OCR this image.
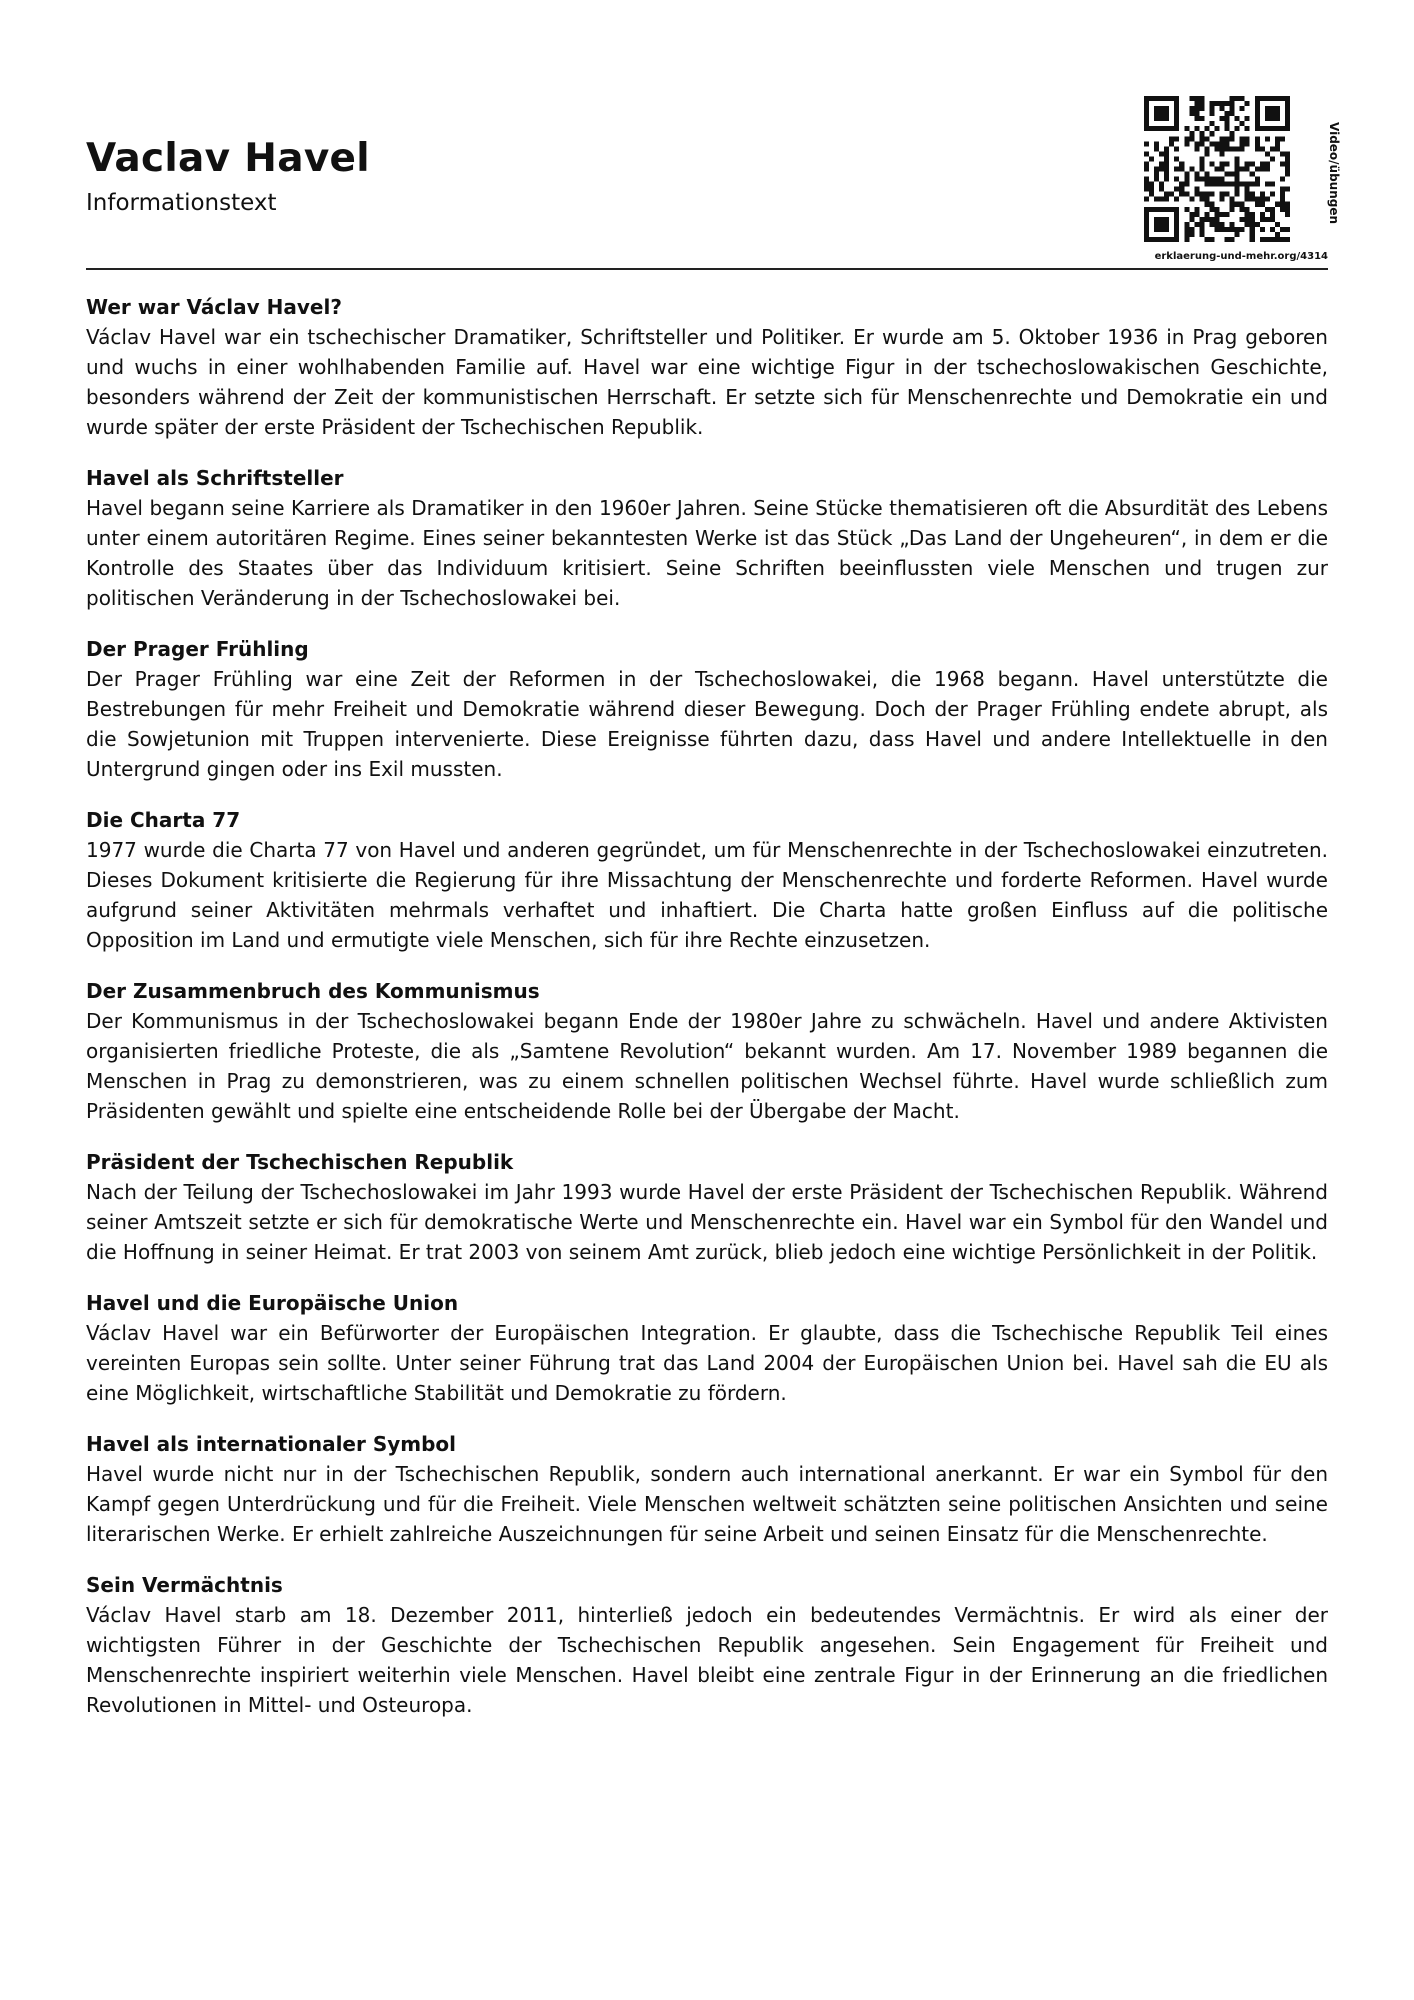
Vaclav Havel
Informationstext	Video/übungen
erklaerung-und-mehr.org/4314
Wer war Václav Havel?

Václav Havel war ein tschechischer Dramatiker, Schriftsteller und Politiker. Er wurde am 5. Oktober 1936 in Prag geboren und wuchs in einer wohlhabenden Familie auf. Havel war eine wichtige Figur in der tschechoslowakischen Geschichte, besonders während der Zeit der kommunistischen Herrschaft. Er setzte sich für Menschenrechte und Demokratie ein und wurde später der erste Präsident der Tschechischen Republik.

Havel als Schriftsteller

Havel begann seine Karriere als Dramatiker in den 1960er Jahren. Seine Stücke thematisieren oft die Absurdität des Lebens unter einem autoritären Regime. Eines seiner bekanntesten Werke ist das Stück „Das Land der Ungeheuren“, in dem er die Kontrolle des Staates über das Individuum kritisiert. Seine Schriften beeinflussten viele Menschen und trugen zur politischen Veränderung in der Tschechoslowakei bei.

Der Prager Frühling

Der Prager Frühling war eine Zeit der Reformen in der Tschechoslowakei, die 1968 begann. Havel unterstützte die Bestrebungen für mehr Freiheit und Demokratie während dieser Bewegung. Doch der Prager Frühling endete abrupt, als die Sowjetunion mit Truppen intervenierte. Diese Ereignisse führten dazu, dass Havel und andere Intellektuelle in den Untergrund gingen oder ins Exil mussten.

Die Charta 77

1977 wurde die Charta 77 von Havel und anderen gegründet, um für Menschenrechte in der Tschechoslowakei einzutreten. Dieses Dokument kritisierte die Regierung für ihre Missachtung der Menschenrechte und forderte Reformen. Havel wurde aufgrund seiner Aktivitäten mehrmals verhaftet und inhaftiert. Die Charta hatte großen Einfluss auf die politische Opposition im Land und ermutigte viele Menschen, sich für ihre Rechte einzusetzen.

Der Zusammenbruch des Kommunismus

Der Kommunismus in der Tschechoslowakei begann Ende der 1980er Jahre zu schwächeln. Havel und andere Aktivisten organisierten friedliche Proteste, die als „Samtene Revolution“ bekannt wurden. Am 17. November 1989 begannen die Menschen in Prag zu demonstrieren, was zu einem schnellen politischen Wechsel führte. Havel wurde schließlich zum Präsidenten gewählt und spielte eine entscheidende Rolle bei der Übergabe der Macht.

Präsident der Tschechischen Republik

Nach der Teilung der Tschechoslowakei im Jahr 1993 wurde Havel der erste Präsident der Tschechischen Republik. Während seiner Amtszeit setzte er sich für demokratische Werte und Menschenrechte ein. Havel war ein Symbol für den Wandel und die Hoffnung in seiner Heimat. Er trat 2003 von seinem Amt zurück, blieb jedoch eine wichtige Persönlichkeit in der Politik.

Havel und die Europäische Union

Václav Havel war ein Befürworter der Europäischen Integration. Er glaubte, dass die Tschechische Republik Teil eines vereinten Europas sein sollte. Unter seiner Führung trat das Land 2004 der Europäischen Union bei. Havel sah die EU als eine Möglichkeit, wirtschaftliche Stabilität und Demokratie zu fördern.

Havel als internationaler Symbol

Havel wurde nicht nur in der Tschechischen Republik, sondern auch international anerkannt. Er war ein Symbol für den Kampf gegen Unterdrückung und für die Freiheit. Viele Menschen weltweit schätzten seine politischen Ansichten und seine literarischen Werke. Er erhielt zahlreiche Auszeichnungen für seine Arbeit und seinen Einsatz für die Menschenrechte.

Sein Vermächtnis

Václav Havel starb am 18. Dezember 2011, hinterließ jedoch ein bedeutendes Vermächtnis. Er wird als einer der wichtigsten Führer in der Geschichte der Tschechischen Republik angesehen. Sein Engagement für Freiheit und Menschenrechte inspiriert weiterhin viele Menschen. Havel bleibt eine zentrale Figur in der Erinnerung an die friedlichen Revolutionen in Mittel- und Osteuropa.
